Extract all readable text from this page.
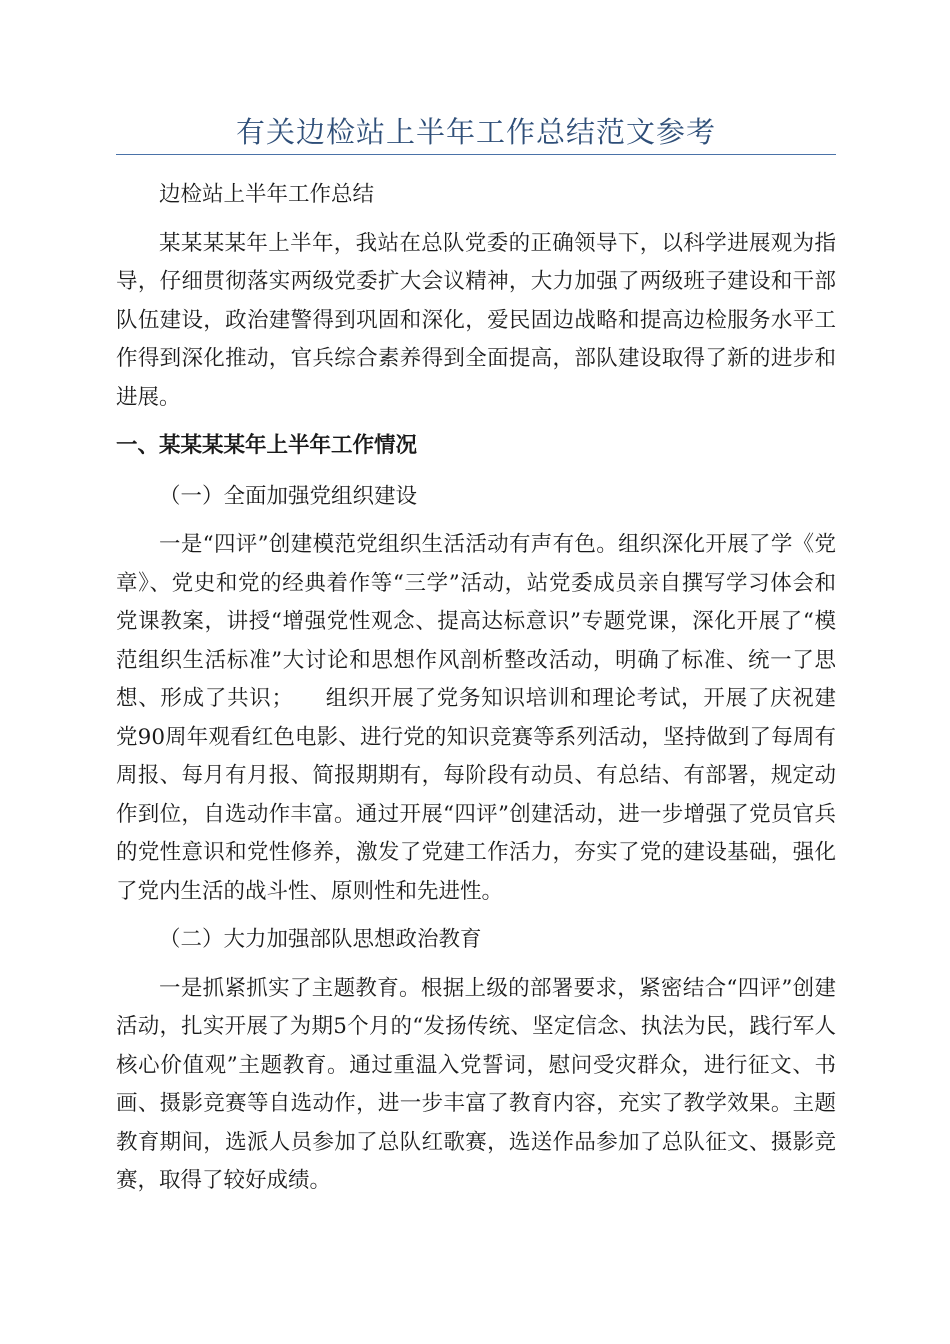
有关边检站上半年工作总结范文参考

边检站上半年工作总结

某某某某年上半年，我站在总队党委的正确领导下，以科学进展观为指导，仔细贯彻落实两级党委扩大会议精神，大力加强了两级班子建设和干部队伍建设，政治建警得到巩固和深化，爱民固边战略和提高边检服务水平工作得到深化推动，官兵综合素养得到全面提高，部队建设取得了新的进步和进展。

一、某某某某年上半年工作情况

（一）全面加强党组织建设

一是“四评”创建模范党组织生活活动有声有色。组织深化开展了学《党章》、党史和党的经典着作等“三学”活动，站党委成员亲自撰写学习体会和党课教案，讲授“增强党性观念、提高达标意识”专题党课，深化开展了“模范组织生活标准”大讨论和思想作风剖析整改活动，明确了标准、统一了思想、形成了共识； 组织开展了党务知识培训和理论考试，开展了庆祝建党90周年观看红色电影、进行党的知识竞赛等系列活动，坚持做到了每周有周报、每月有月报、简报期期有，每阶段有动员、有总结、有部署，规定动作到位，自选动作丰富。通过开展“四评”创建活动，进一步增强了党员官兵的党性意识和党性修养，激发了党建工作活力，夯实了党的建设基础，强化了党内生活的战斗性、原则性和先进性。

（二）大力加强部队思想政治教育

一是抓紧抓实了主题教育。根据上级的部署要求，紧密结合“四评”创建活动，扎实开展了为期5个月的“发扬传统、坚定信念、执法为民，践行军人核心价值观”主题教育。通过重温入党誓词，慰问受灾群众，进行征文、书画、摄影竞赛等自选动作，进一步丰富了教育内容，充实了教学效果。主题教育期间，选派人员参加了总队红歌赛，选送作品参加了总队征文、摄影竞赛，取得了较好成绩。
